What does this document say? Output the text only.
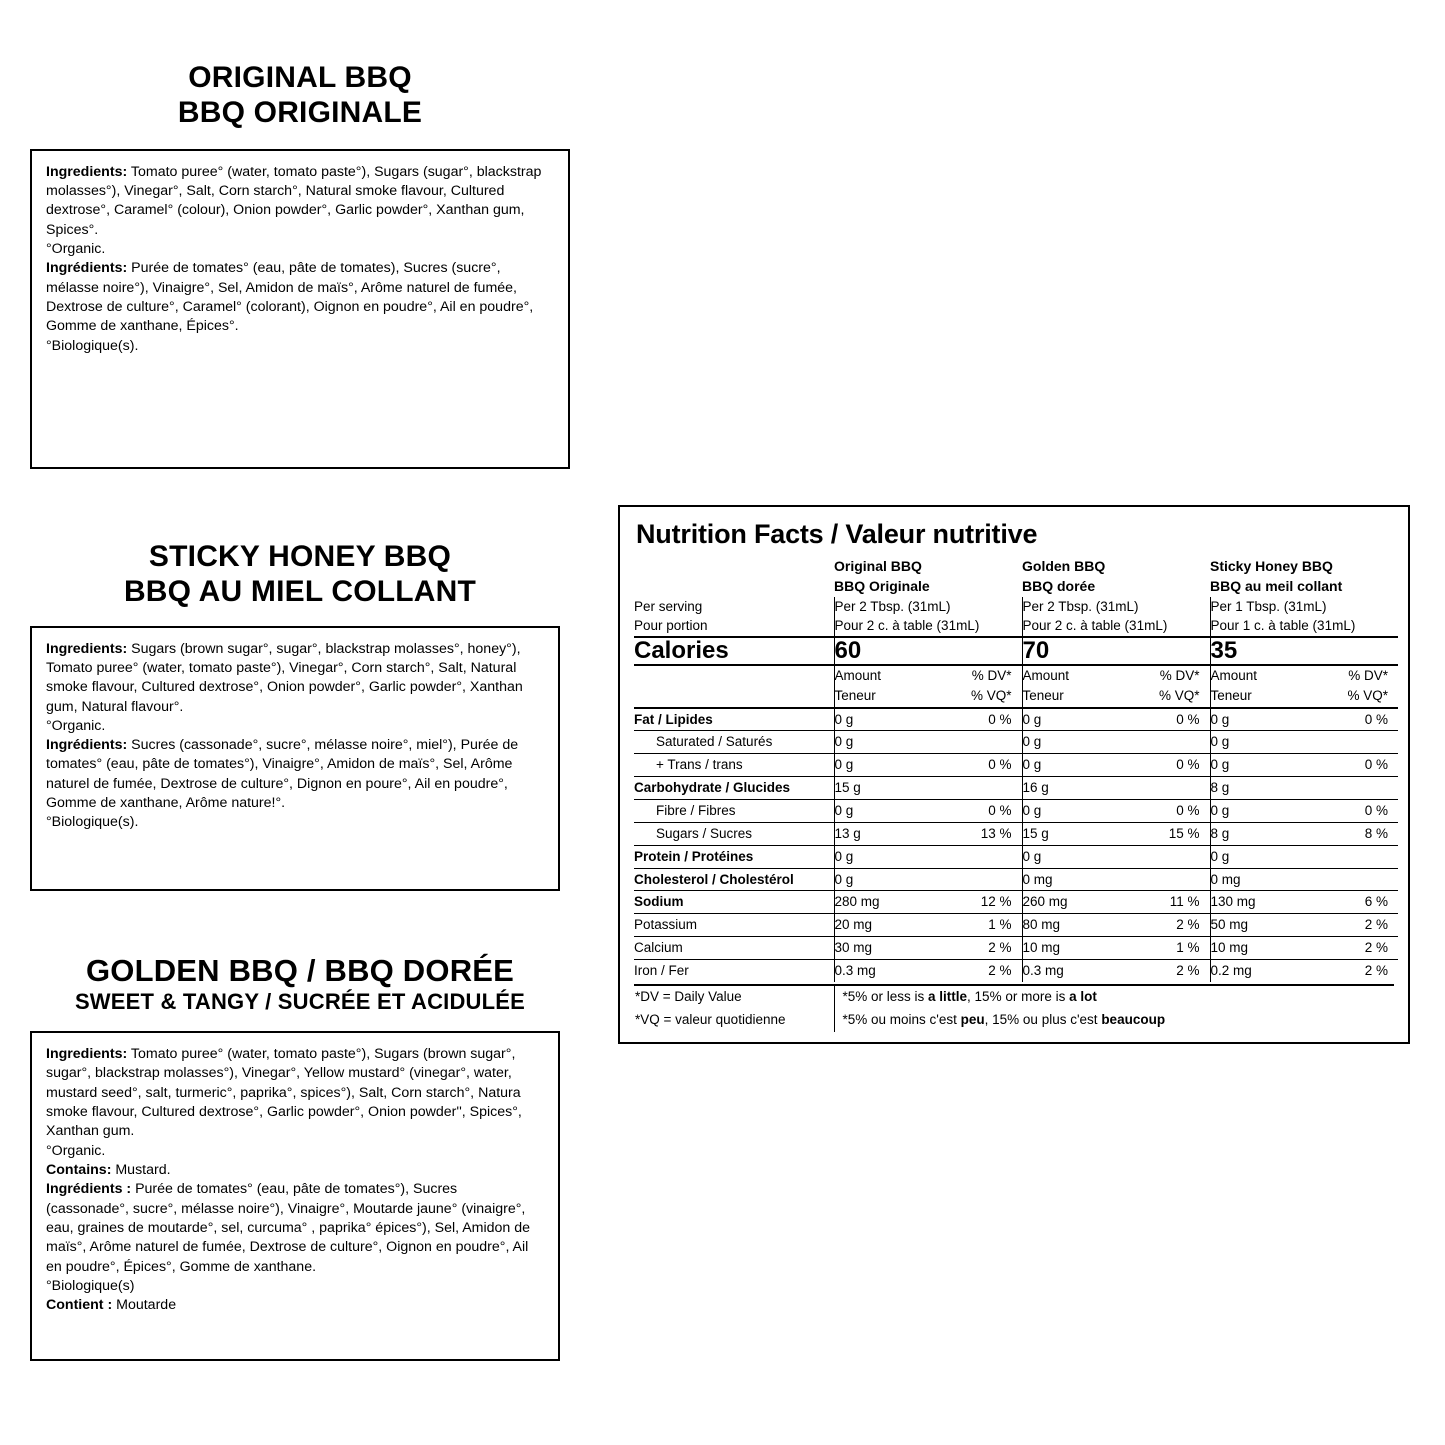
ORIGINAL BBQ
BBQ ORIGINALE

Ingredients: Tomato puree° (water, tomato paste°), Sugars (sugar°, blackstrap molasses°), Vinegar°, Salt, Corn starch°, Natural smoke flavour, Cultured dextrose°, Caramel° (colour), Onion powder°, Garlic powder°, Xanthan gum, Spices°.

°Organic.

Ingrédients: Purée de tomates° (eau, pâte de tomates), Sucres (sucre°, mélasse noire°), Vinaigre°, Sel, Amidon de maïs°, Arôme naturel de fumée, Dextrose de culture°, Caramel° (colorant), Oignon en poudre°, Ail en poudre°, Gomme de xanthane, Épices°.

°Biologique(s).

STICKY HONEY BBQ
BBQ AU MIEL COLLANT

Ingredients: Sugars (brown sugar°, sugar°, blackstrap molasses°, honey°), Tomato puree° (water, tomato paste°), Vinegar°, Corn starch°, Salt, Natural smoke flavour, Cultured dextrose°, Onion powder°, Garlic powder°, Xanthan gum, Natural flavour°.

°Organic.

Ingrédients: Sucres (cassonade°, sucre°, mélasse noire°, miel°), Purée de tomates° (eau, pâte de tomates°), Vinaigre°, Amidon de maïs°, Sel, Arôme naturel de fumée, Dextrose de culture°, Dignon en poure°, Ail en poudre°, Gomme de xanthane, Arôme nature!°.

°Biologique(s).

GOLDEN BBQ / BBQ DORÉE
SWEET & TANGY / SUCRÉE ET ACIDULÉE

Ingredients: Tomato puree° (water, tomato paste°), Sugars (brown sugar°, sugar°, blackstrap molasses°), Vinegar°, Yellow mustard° (vinegar°, water, mustard seed°, salt, turmeric°, paprika°, spices°), Salt, Corn starch°, Natura smoke flavour, Cultured dextrose°, Garlic powder°, Onion powder'', Spices°, Xanthan gum.

°Organic.

Contains: Mustard.

Ingrédients : Purée de tomates° (eau, pâte de tomates°), Sucres (cassonade°, sucre°, mélasse noire°), Vinaigre°, Moutarde jaune° (vinaigre°, eau, graines de moutarde°, sel, curcuma° , paprika° épices°), Sel, Amidon de maïs°, Arôme naturel de fumée, Dextrose de culture°, Oignon en poudre°, Ail en poudre°, Épices°, Gomme de xanthane.

°Biologique(s)

Contient : Moutarde

Nutrition Facts / Valeur nutritive
	Original BBQ	Golden BBQ	Sticky Honey BBQ
	BBQ Originale	BBQ dorée	BBQ au meil collant
Per serving	Per 2 Tbsp. (31mL)	Per 2 Tbsp. (31mL)	Per 1 Tbsp. (31mL)
Pour portion	Pour 2 c. à table (31mL)	Pour 2 c. à table (31mL)	Pour 1 c. à table (31mL)
Calories	60	70	35
	Amount % DV*	Amount % DV*	Amount % DV*

	Teneur % VQ*	Teneur % VQ*	Teneur % VQ*

Fat / Lipides	0 g 0 %	0 g 0 %	0 g 0 %

Saturated / Saturés	0 g	0 g	0 g
+ Trans / trans	0 g 0 %	0 g 0 %	0 g 0 %

Carbohydrate / Glucides	15 g	16 g	8 g
Fibre / Fibres	0 g 0 %	0 g 0 %	0 g 0 %

Sugars / Sucres	13 g 13 %	15 g 15 %	8 g 8 %

Protein / Protéines	0 g	0 g	0 g
Cholesterol / Cholestérol	0 g	0 mg	0 mg
Sodium	280 mg 12 %	260 mg 11 %	130 mg 6 %

Potassium	20 mg 1 %	80 mg 2 %	50 mg 2 %

Calcium	30 mg 2 %	10 mg 1 %	10 mg 2 %

Iron / Fer	0.3 mg 2 %	0.3 mg 2 %	0.2 mg 2 %
*DV = Daily Value	*5% or less is a little, 15% or more is a lot
*VQ = valeur quotidienne	*5% ou moins c'est peu, 15% ou plus c'est beaucoup
